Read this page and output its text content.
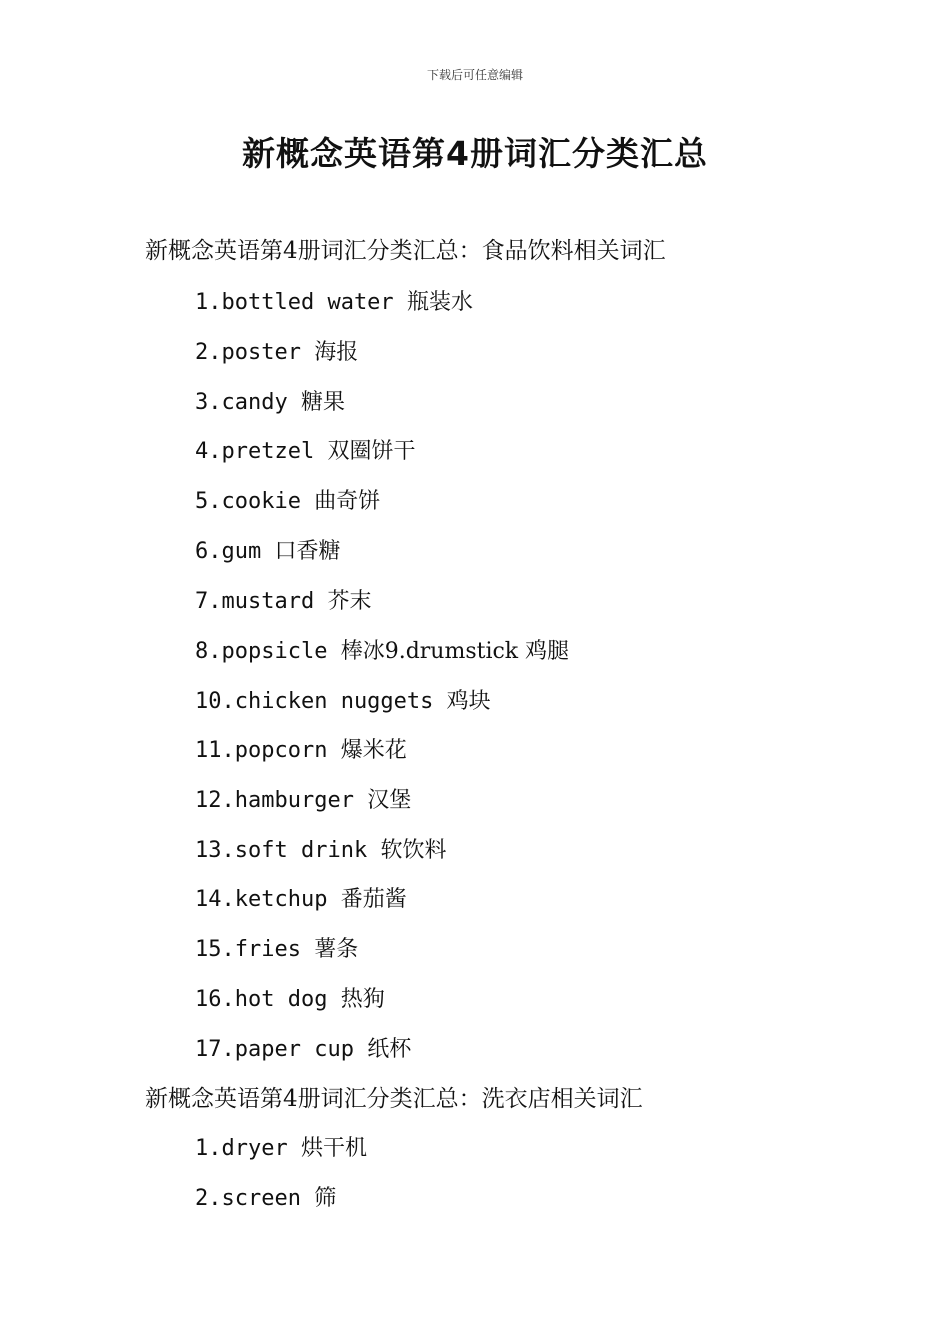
下载后可任意编辑
新概念英语第4册词汇分类汇总
新概念英语第4册词汇分类汇总：食品饮料相关词汇
1.bottled water 瓶装水
2.poster 海报
3.candy 糖果
4.pretzel 双圈饼干
5.cookie 曲奇饼
6.gum 口香糖
7.mustard 芥末
8.popsicle 棒冰9.drumstick 鸡腿
10.chicken nuggets 鸡块
11.popcorn 爆米花
12.hamburger 汉堡
13.soft drink 软饮料
14.ketchup 番茄酱
15.fries 薯条
16.hot dog 热狗
17.paper cup 纸杯
新概念英语第4册词汇分类汇总：洗衣店相关词汇
1.dryer 烘干机
2.screen 筛
